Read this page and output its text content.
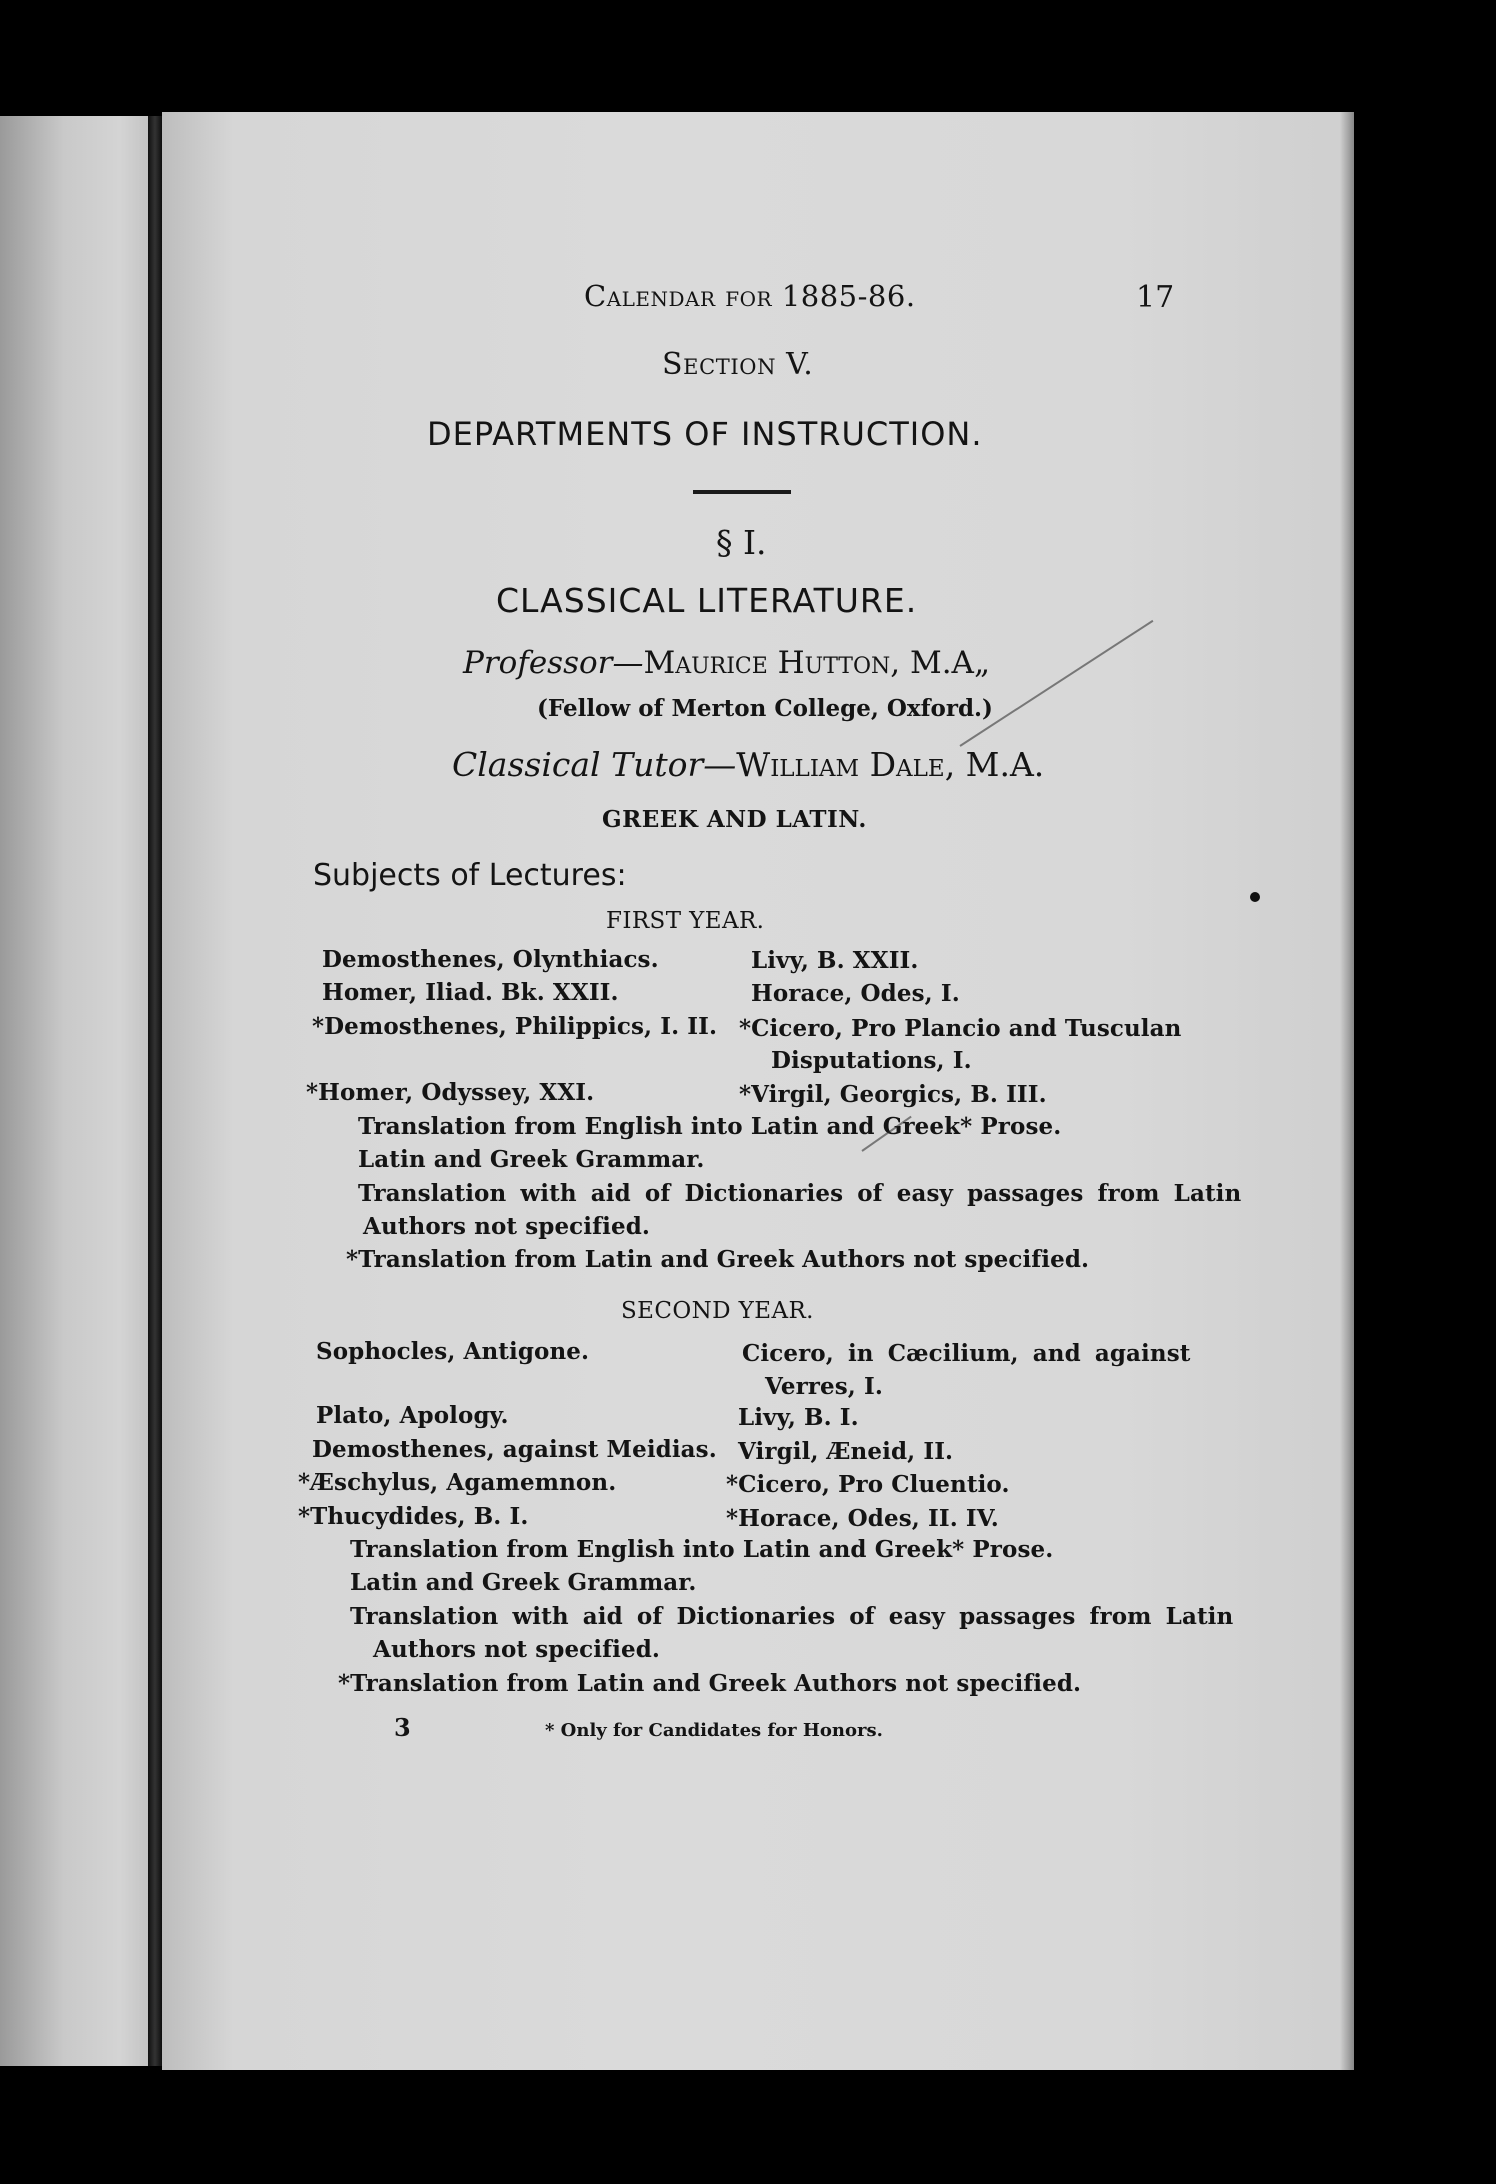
Calendar for 1885-86.	17
Section V.
DEPARTMENTS OF INSTRUCTION.
§ I.
CLASSICAL LITERATURE.
Professor—Maurice Hutton, M.A„
(Fellow of Merton College, Oxford.)
Classical Tutor—William Dale, M.A.
GREEK AND LATIN.
Subjects of Lectures:
FIRST YEAR.
Demosthenes, Olynthiacs.
Homer, Iliad. Bk. XXII.
*Demosthenes, Philippics, I. II.
*Homer, Odyssey, XXI.
Livy, B. XXII.
Horace, Odes, I.
*Cicero, Pro Plancio and Tusculan
Disputations, I.
*Virgil, Georgics, B. III.
Translation from English into Latin and Greek* Prose.
Latin and Greek Grammar.
Translation with aid of Dictionaries of easy passages from Latin
Authors not specified.
*Translation from Latin and Greek Authors not specified.
SECOND YEAR.
Sophocles, Antigone.
Plato, Apology.
Demosthenes, against Meidias.
*Æschylus, Agamemnon.
*Thucydides, B. I.
Cicero, in Cæcilium, and against
Verres, I.
Livy, B. I.
Virgil, Æneid, II.
*Cicero, Pro Cluentio.
*Horace, Odes, II. IV.
Translation from English into Latin and Greek* Prose.
Latin and Greek Grammar.
Translation with aid of Dictionaries of easy passages from Latin
Authors not specified.
*Translation from Latin and Greek Authors not specified.
3	* Only for Candidates for Honors.
